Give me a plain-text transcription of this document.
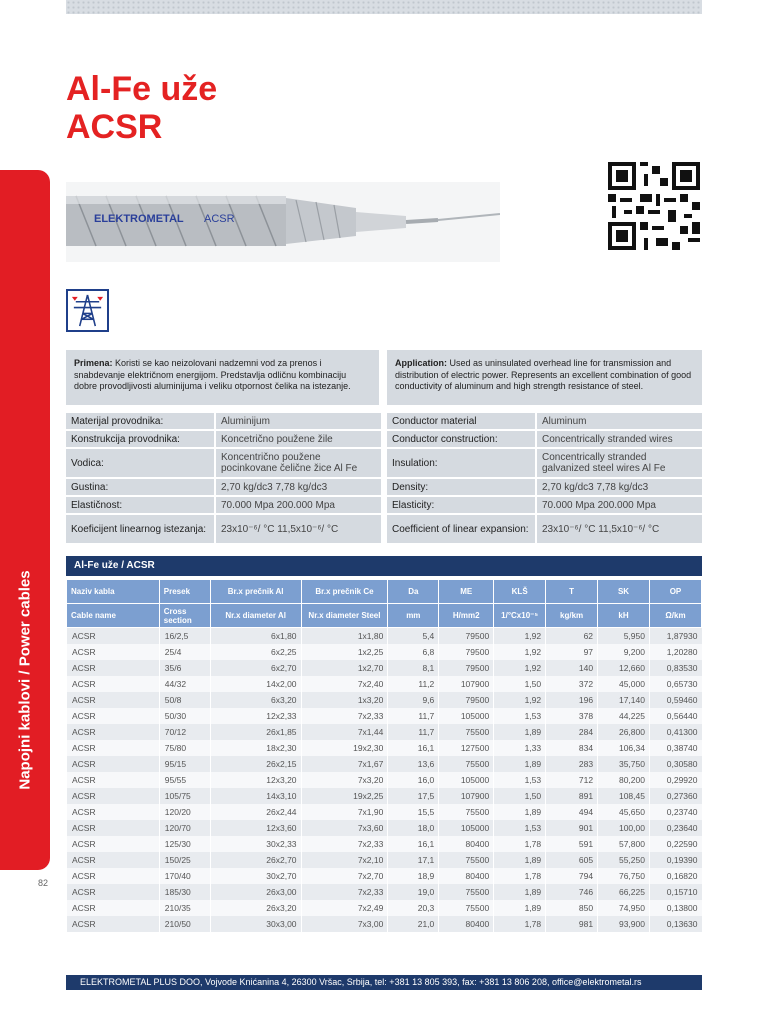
Napojni kablovi / Power cables
82
Al-Fe uže
ACSR
ELEKTROMETAL ACSR
Primena: Koristi se kao neizolovani nadzemni vod za prenos i snabdevanje električnom energijom. Predstavlja odličnu kombinaciju dobre provodljivosti aluminijuma i veliku otpornost čelika na istezanje.
Application: Used as uninsulated overhead line for transmission and distribution of electric power. Represents an excellent combination of good conductivity of aluminum and high strength resistance of steel.
Materijal provodnika:	Aluminijum
Konstrukcija provodnika:	Koncetrično použene žile
Vodica:	Koncentrično použene pocinkovane čelične žice Al Fe
Gustina:	2,70 kg/dc3 7,78 kg/dc3
Elastičnost:	70.000 Mpa 200.000 Mpa
Koeficijent linearnog istezanja:	23x10⁻⁶/ °C 11,5x10⁻⁶/ °C
Conductor material	Aluminum
Conductor construction:	Concentrically stranded wires
Insulation:	Concentrically stranded galvanized steel wires Al Fe
Density:	2,70 kg/dc3 7,78 kg/dc3
Elasticity:	70.000 Mpa 200.000 Mpa
Coefficient of linear expansion:	23x10⁻⁶/ °C 11,5x10⁻⁶/ °C
Al-Fe uže / ACSR
Naziv kabla	Presek	Br.x prečnik Al	Br.x prečnik Ce	Da	ME	KLŠ	T	SK	OP
Cable name	Cross section	Nr.x diameter Al	Nr.x diameter Steel	mm	H/mm2	1/°Cx10⁻⁵	kg/km	kH	Ω/km
ACSR	16/2,5	6x1,80	1x1,80	5,4	79500	1,92	62	5,950	1,87930
ACSR	25/4	6x2,25	1x2,25	6,8	79500	1,92	97	9,200	1,20280
ACSR	35/6	6x2,70	1x2,70	8,1	79500	1,92	140	12,660	0,83530
ACSR	44/32	14x2,00	7x2,40	11,2	107900	1,50	372	45,000	0,65730
ACSR	50/8	6x3,20	1x3,20	9,6	79500	1,92	196	17,140	0,59460
ACSR	50/30	12x2,33	7x2,33	11,7	105000	1,53	378	44,225	0,56440
ACSR	70/12	26x1,85	7x1,44	11,7	75500	1,89	284	26,800	0,41300
ACSR	75/80	18x2,30	19x2,30	16,1	127500	1,33	834	106,34	0,38740
ACSR	95/15	26x2,15	7x1,67	13,6	75500	1,89	283	35,750	0,30580
ACSR	95/55	12x3,20	7x3,20	16,0	105000	1,53	712	80,200	0,29920
ACSR	105/75	14x3,10	19x2,25	17,5	107900	1,50	891	108,45	0,27360
ACSR	120/20	26x2,44	7x1,90	15,5	75500	1,89	494	45,650	0,23740
ACSR	120/70	12x3,60	7x3,60	18,0	105000	1,53	901	100,00	0,23640
ACSR	125/30	30x2,33	7x2,33	16,1	80400	1,78	591	57,800	0,22590
ACSR	150/25	26x2,70	7x2,10	17,1	75500	1,89	605	55,250	0,19390
ACSR	170/40	30x2,70	7x2,70	18,9	80400	1,78	794	76,750	0,16820
ACSR	185/30	26x3,00	7x2,33	19,0	75500	1,89	746	66,225	0,15710
ACSR	210/35	26x3,20	7x2,49	20,3	75500	1,89	850	74,950	0,13800
ACSR	210/50	30x3,00	7x3,00	21,0	80400	1,78	981	93,900	0,13630
ELEKTROMETAL PLUS DOO, Vojvode Knićanina 4, 26300 Vršac, Srbija, tel: +381 13 805 393, fax: +381 13 806 208, office@elektrometal.rs
